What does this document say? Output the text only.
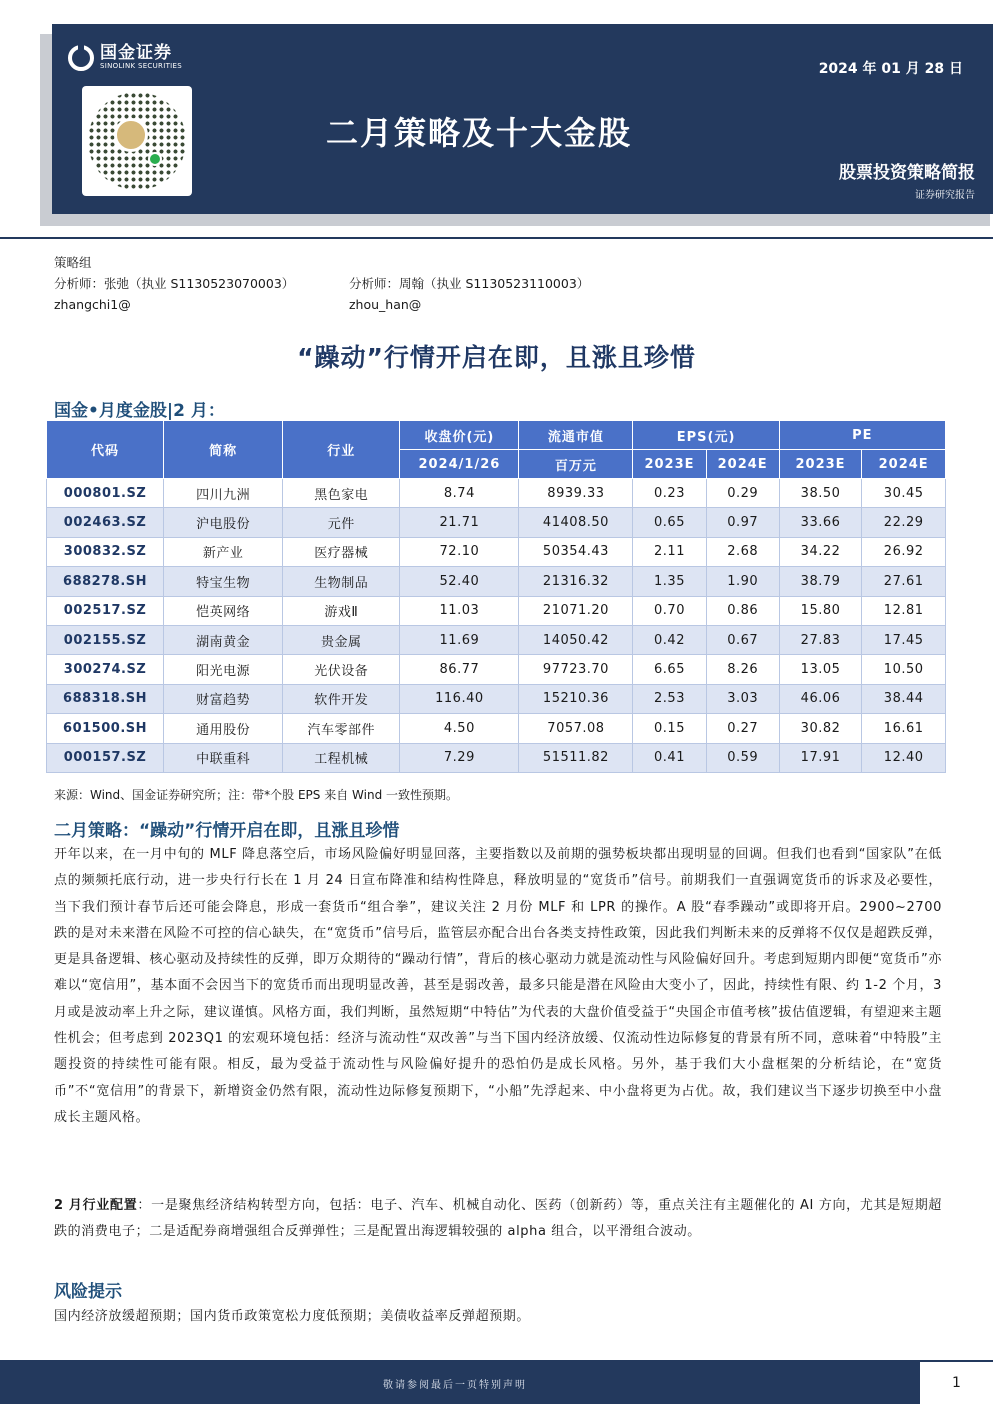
国金证券
SINOLINK SECURITIES	2024 年 01 月 28 日
二月策略及十大金股
股票投资策略简报
证券研究报告
策略组
分析师：张弛（执业 S1130523070003）	分析师：周翰（执业 S1130523110003）
zhangchi1@	zhou_han@
“躁动”行情开启在即，且涨且珍惜
国金•月度金股|2 月：
代码	简称	行业	收盘价(元)	流通市值	EPS(元)		PE	
			2024/1/26	百万元	2023E	2024E	2023E	2024E
000801.SZ	四川九洲	黑色家电	8.74	8939.33	0.23	0.29	38.50	30.45
002463.SZ	沪电股份	元件	21.71	41408.50	0.65	0.97	33.66	22.29
300832.SZ	新产业	医疗器械	72.10	50354.43	2.11	2.68	34.22	26.92
688278.SH	特宝生物	生物制品	52.40	21316.32	1.35	1.90	38.79	27.61
002517.SZ	恺英网络	游戏Ⅱ	11.03	21071.20	0.70	0.86	15.80	12.81
002155.SZ	湖南黄金	贵金属	11.69	14050.42	0.42	0.67	27.83	17.45
300274.SZ	阳光电源	光伏设备	86.77	97723.70	6.65	8.26	13.05	10.50
688318.SH	财富趋势	软件开发	116.40	15210.36	2.53	3.03	46.06	38.44
601500.SH	通用股份	汽车零部件	4.50	7057.08	0.15	0.27	30.82	16.61
000157.SZ	中联重科	工程机械	7.29	51511.82	0.41	0.59	17.91	12.40
来源：Wind、国金证券研究所；注：带*个股 EPS 来自 Wind 一致性预期。
二月策略：“躁动”行情开启在即，且涨且珍惜
开年以来，在一月中旬的 MLF 降息落空后，市场风险偏好明显回落，主要指数以及前期的强势板块都出现明显的回调。但我们也看到“国家队”在低点的频频托底行动，进一步央行行长在 1 月 24 日宣布降准和结构性降息，释放明显的“宽货币”信号。前期我们一直强调宽货币的诉求及必要性，当下我们预计春节后还可能会降息，形成一套货币“组合拳”，建议关注 2 月份 MLF 和 LPR 的操作。A 股“春季躁动”或即将开启。2900~2700 跌的是对未来潜在风险不可控的信心缺失，在“宽货币”信号后，监管层亦配合出台各类支持性政策，因此我们判断未来的反弹将不仅仅是超跌反弹，更是具备逻辑、核心驱动及持续性的反弹，即万众期待的“躁动行情”，背后的核心驱动力就是流动性与风险偏好回升。考虑到短期内即便“宽货币”亦难以“宽信用”，基本面不会因当下的宽货币而出现明显改善，甚至是弱改善，最多只能是潜在风险由大变小了，因此，持续性有限、约 1-2 个月，3 月或是波动率上升之际，建议谨慎。风格方面，我们判断，虽然短期“中特估”为代表的大盘价值受益于“央国企市值考核”拔估值逻辑，有望迎来主题性机会；但考虑到 2023Q1 的宏观环境包括：经济与流动性“双改善”与当下国内经济放缓、仅流动性边际修复的背景有所不同，意味着“中特股”主题投资的持续性可能有限。相反，最为受益于流动性与风险偏好提升的恐怕仍是成长风格。另外，基于我们大小盘框架的分析结论，在“宽货币”不“宽信用”的背景下，新增资金仍然有限，流动性边际修复预期下，“小船”先浮起来、中小盘将更为占优。故，我们建议当下逐步切换至中小盘成长主题风格。
2 月行业配置：一是聚焦经济结构转型方向，包括：电子、汽车、机械自动化、医药（创新药）等，重点关注有主题催化的 AI 方向，尤其是短期超跌的消费电子；二是适配券商增强组合反弹弹性；三是配置出海逻辑较强的 alpha 组合，以平滑组合波动。
风险提示
国内经济放缓超预期；国内货币政策宽松力度低预期；美债收益率反弹超预期。
敬请参阅最后一页特别声明	1
